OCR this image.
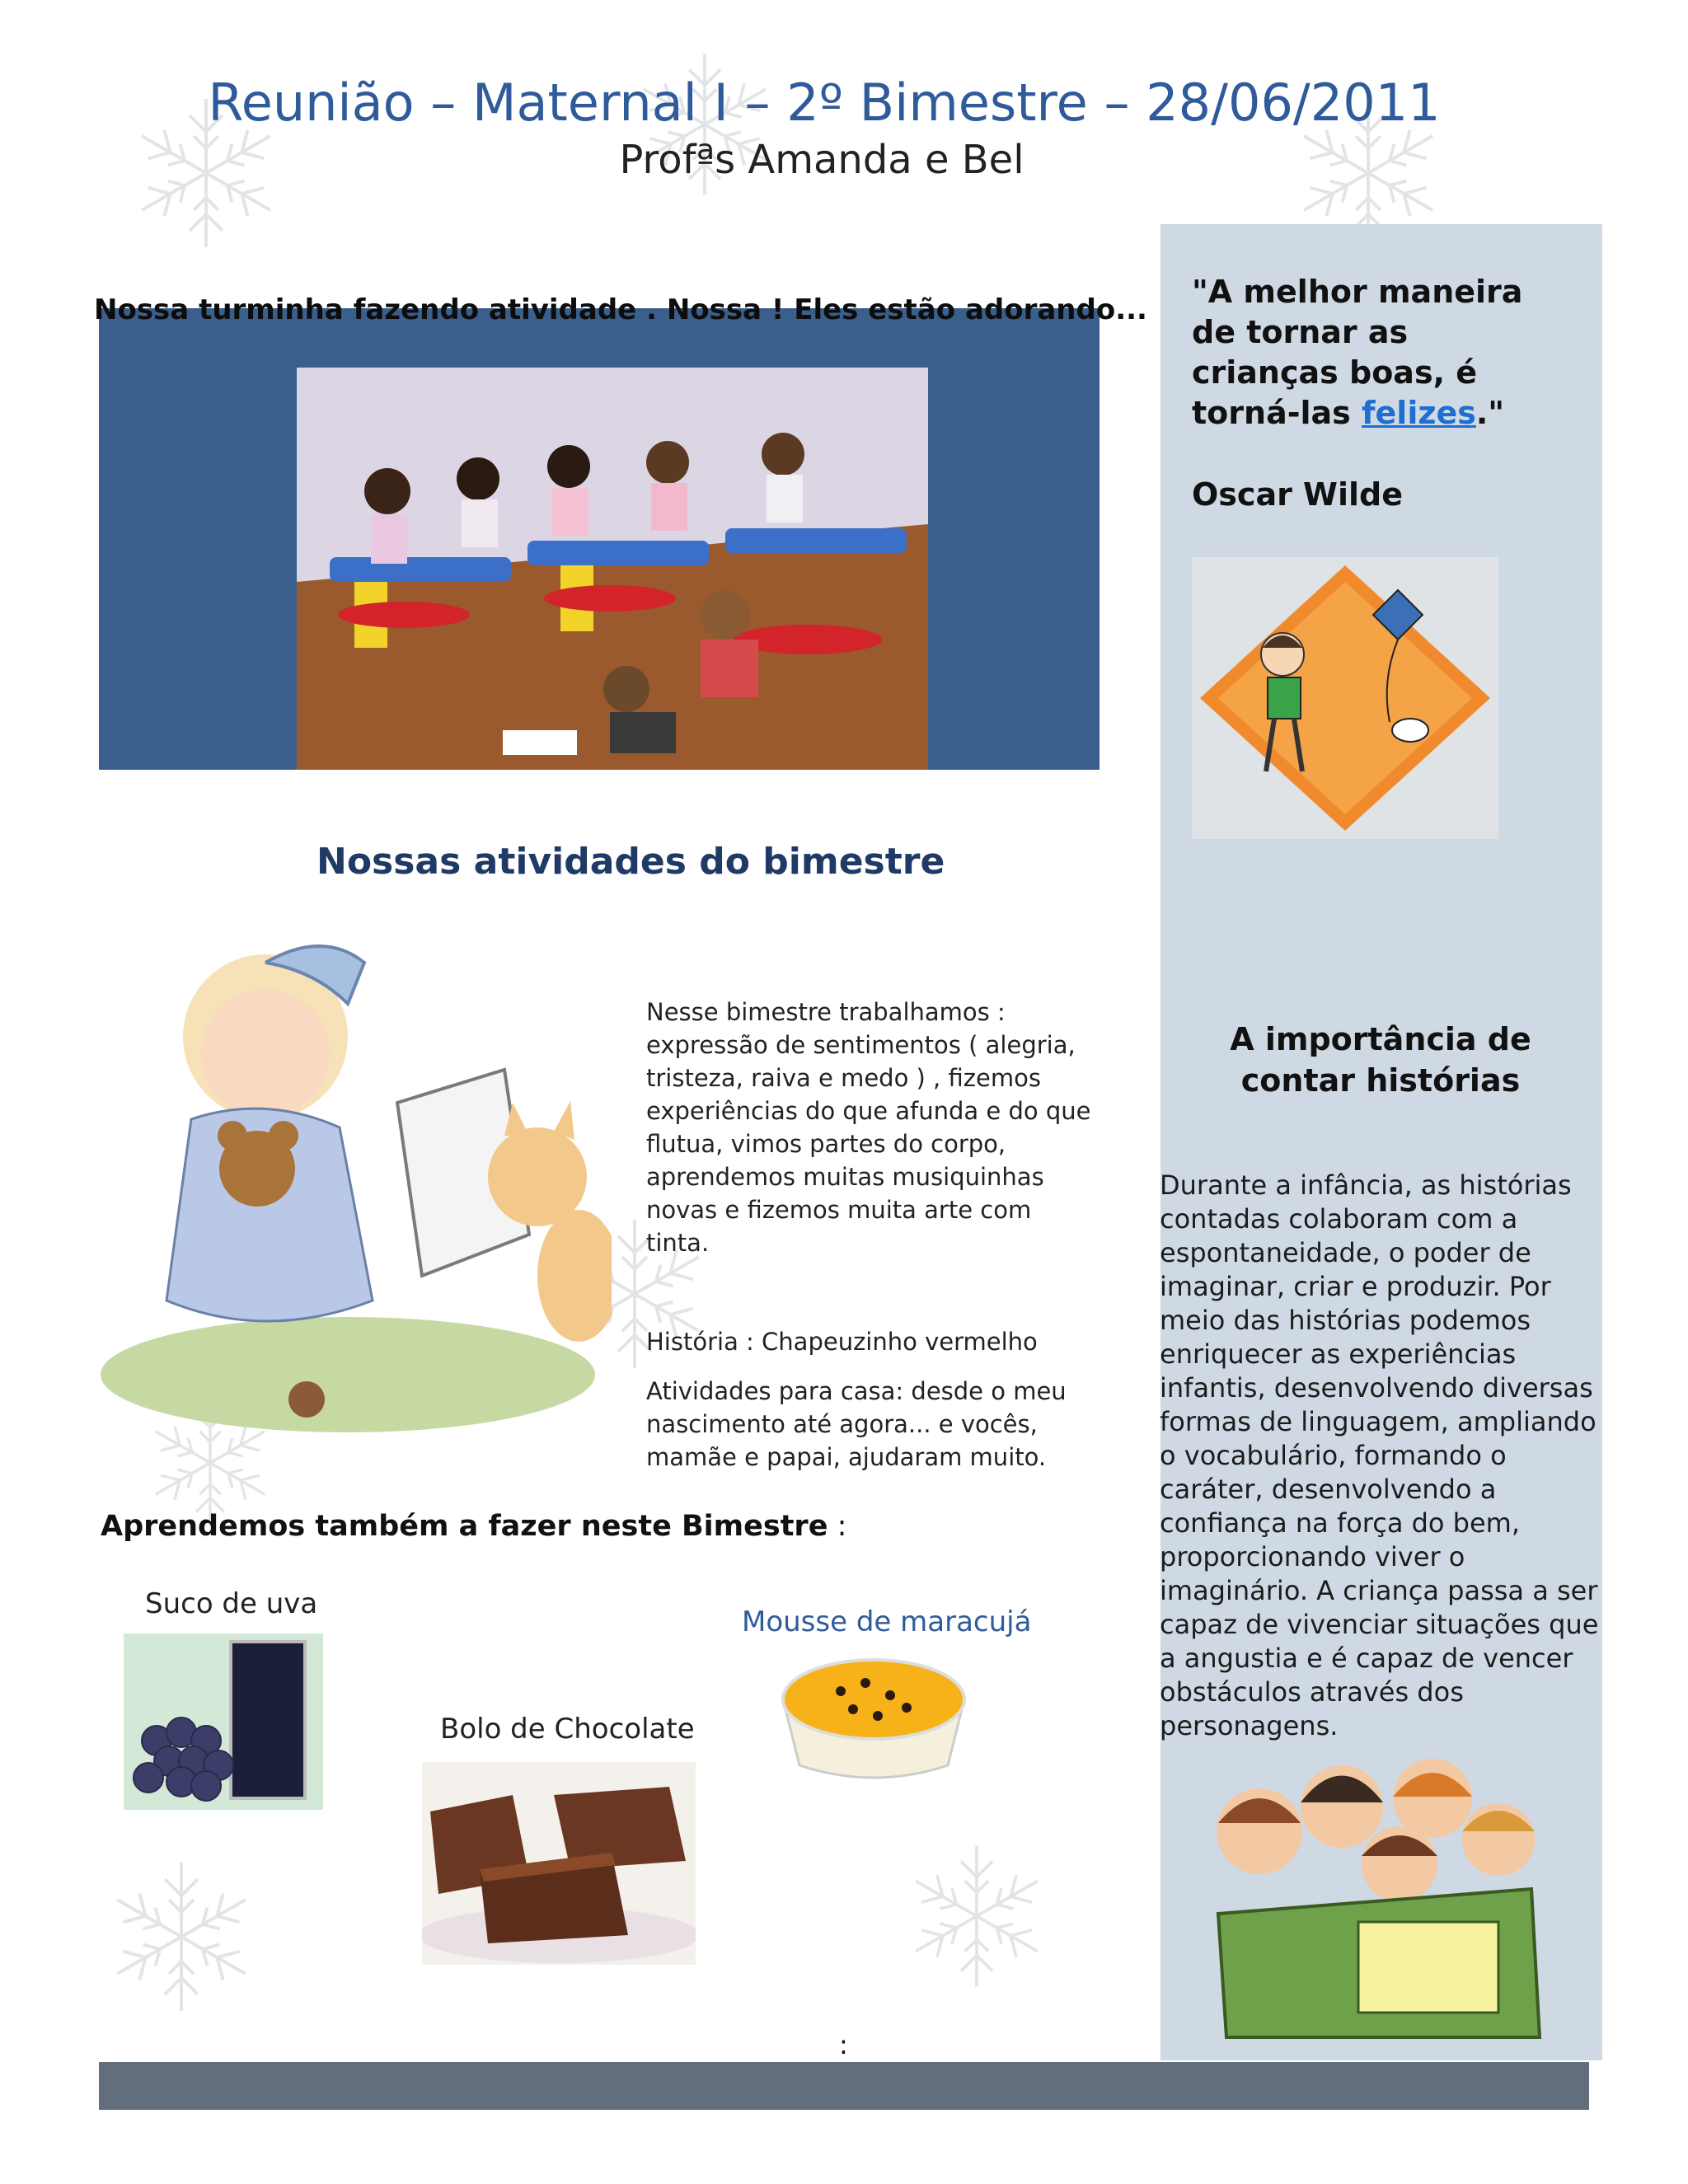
Reunião – Maternal I – 2º Bimestre – 28/06/2011
Profªs Amanda e Bel
"A melhor maneira de tornar as crianças boas, é torná-las felizes."
Oscar Wilde
A importância de contar histórias
Durante a infância, as histórias contadas colaboram com a espontaneidade, o poder de imaginar, criar e produzir. Por meio das histórias podemos enriquecer as experiências infantis, desenvolvendo diversas formas de linguagem, ampliando o vocabulário, formando o caráter, desenvolvendo a confiança na força do bem, proporcionando viver o imaginário. A criança passa a ser capaz de vivenciar situações que a angustia e é capaz de vencer obstáculos através dos personagens.
Nossa turminha fazendo atividade . Nossa ! Eles estão adorando...
Nossas atividades do bimestre
Nesse bimestre trabalhamos : expressão de sentimentos ( alegria, tristeza, raiva e medo ) , fizemos experiências do que afunda e do que flutua, vimos partes do corpo, aprendemos muitas musiquinhas novas e fizemos muita arte com tinta.
História : Chapeuzinho vermelho
Atividades para casa: desde o meu nascimento até agora... e vocês, mamãe e papai, ajudaram muito.
Aprendemos também a fazer neste Bimestre :
Suco de uva
Bolo de Chocolate
Mousse de maracujá
:
